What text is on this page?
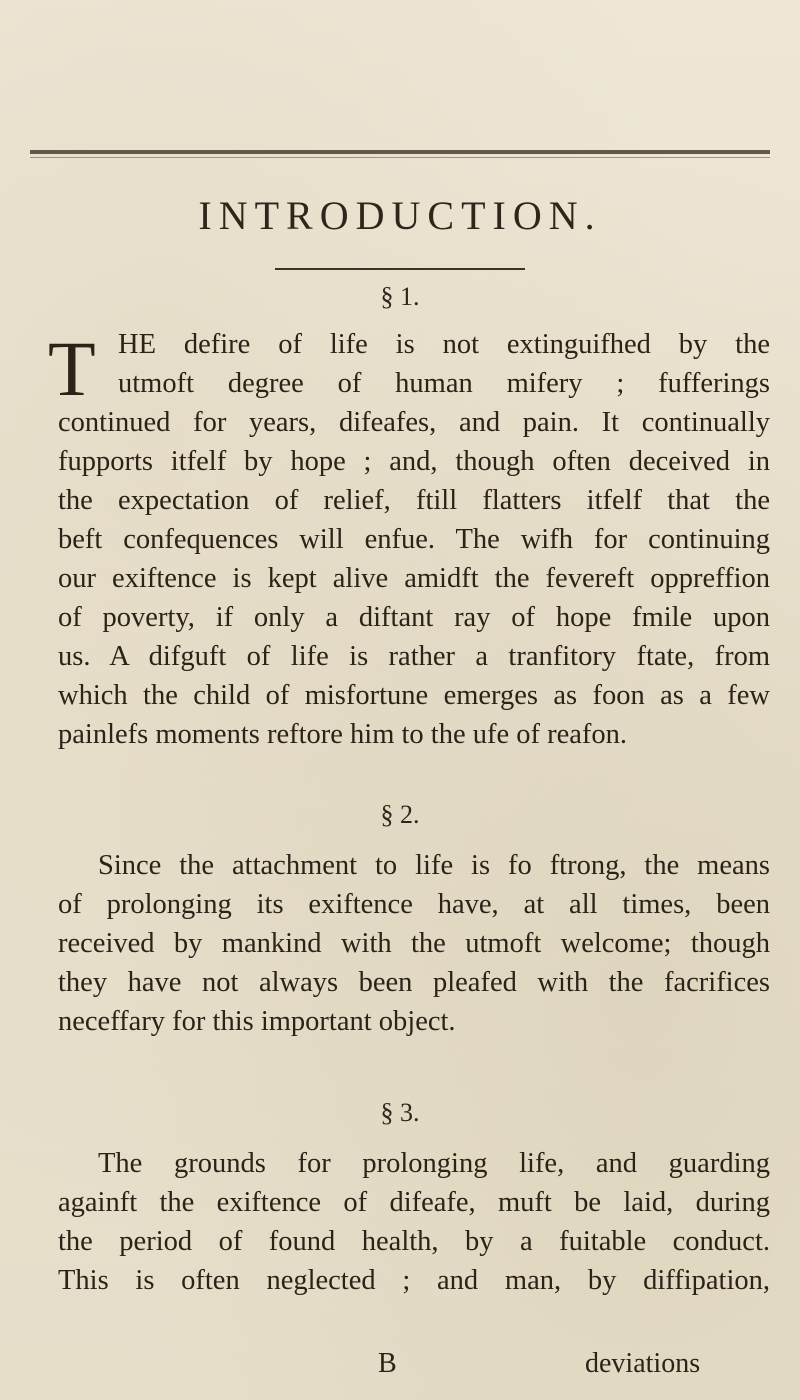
INTRODUCTION.
§ 1.
T HE defire of life is not extinguifhed by the
utmoft degree of human mifery ; fufferings
continued for years, difeafes, and pain. It continually
fupports itfelf by hope ; and, though often deceived in
the expectation of relief, ftill flatters itfelf that the
beft confequences will enfue. The wifh for continuing
our exiftence is kept alive amidft the fevereft oppreffion
of poverty, if only a diftant ray of hope fmile upon
us. A difguft of life is rather a tranfitory ftate, from
which the child of misfortune emerges as foon as a few
painlefs moments reftore him to the ufe of reafon.
§ 2.
Since the attachment to life is fo ftrong, the means
of prolonging its exiftence have, at all times, been
received by mankind with the utmoft welcome; though
they have not always been pleafed with the facrifices
neceffary for this important object.
§ 3.
The grounds for prolonging life, and guarding
againft the exiftence of difeafe, muft be laid, during
the period of found health, by a fuitable conduct.
This is often neglected ; and man, by diffipation,
B	deviations
